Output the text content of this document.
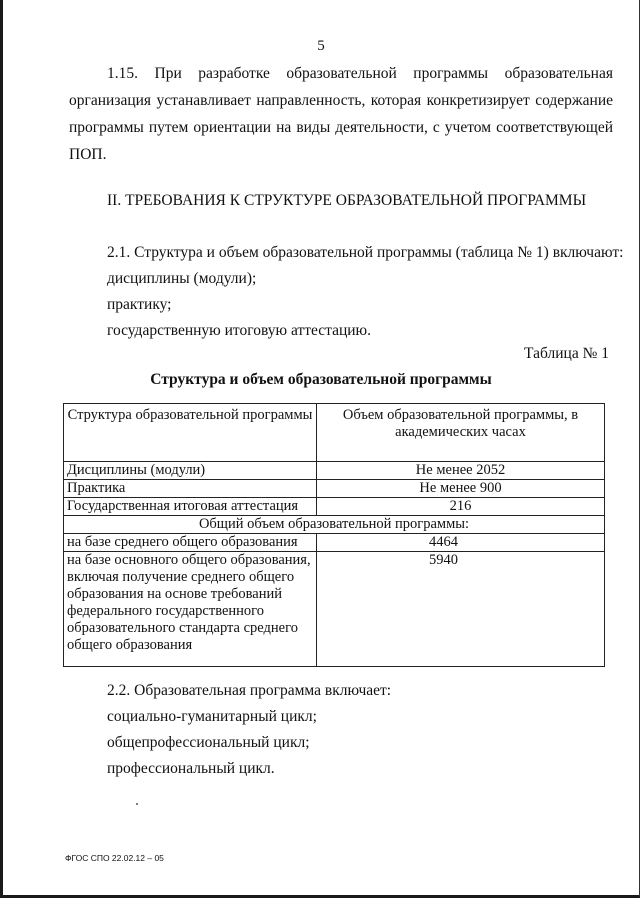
5

1.15. При разработке образовательной программы образовательная
организация устанавливает направленность, которая конкретизирует содержание
программы путем ориентации на виды деятельности, с учетом соответствующей
ПОП.

II. ТРЕБОВАНИЯ К СТРУКТУРЕ ОБРАЗОВАТЕЛЬНОЙ ПРОГРАММЫ

2.1. Структура и объем образовательной программы (таблица № 1) включают:

дисциплины (модули);

практику;

государственную итоговую аттестацию.

Таблица № 1

Структура и объем образовательной программы

Структура образовательной программы	Объем образовательной программы, в академических часах
Дисциплины (модули)	Не менее 2052
Практика	Не менее 900
Государственная итоговая аттестация	216
Общий объем образовательной программы:	
на базе среднего общего образования	4464
на базе основного общего образования, включая получение среднего общего образования на основе требований федерального государственного образовательного стандарта среднего общего образования	5940

2.2. Образовательная программа включает:

социально-гуманитарный цикл;

общепрофессиональный цикл;

профессиональный цикл.

ФГОС СПО 22.02.12 – 05
